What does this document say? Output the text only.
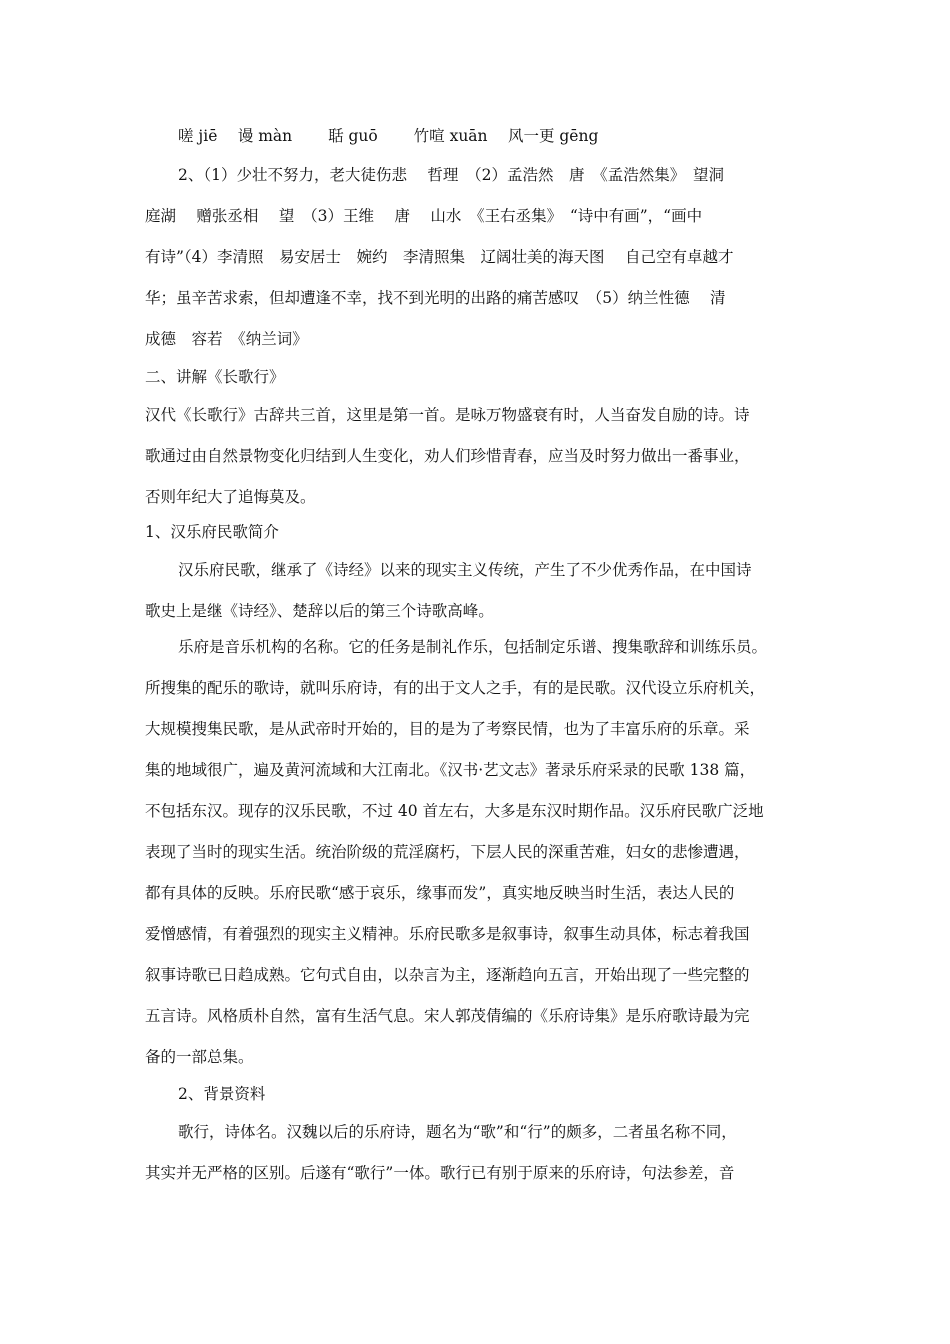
嗟 jiē　 谩 màn　　 聒 guō　　 竹喧 xuān　 风一更 gēng
2、（1）少壮不努力，老大徒伤悲　 哲理　（2）孟浩然　唐　《孟浩然集》　望洞
庭湖　 赠张丞相　 望　（3）王维　 唐　 山水　《王右丞集》　“诗中有画”，“画中
有诗”（4）李清照　易安居士　婉约　李清照集　辽阔壮美的海天图　 自己空有卓越才
华；虽辛苦求索，但却遭逢不幸，找不到光明的出路的痛苦感叹　（5）纳兰性德　 清
成德　容若　《纳兰词》
二、讲解《长歌行》
汉代《长歌行》古辞共三首，这里是第一首。是咏万物盛衰有时，人当奋发自励的诗。诗
歌通过由自然景物变化归结到人生变化，劝人们珍惜青春，应当及时努力做出一番事业，
否则年纪大了追悔莫及。
1、汉乐府民歌简介
汉乐府民歌，继承了《诗经》以来的现实主义传统，产生了不少优秀作品，在中国诗
歌史上是继《诗经》、楚辞以后的第三个诗歌高峰。
乐府是音乐机构的名称。它的任务是制礼作乐，包括制定乐谱、搜集歌辞和训练乐员。
所搜集的配乐的歌诗，就叫乐府诗，有的出于文人之手，有的是民歌。汉代设立乐府机关，
大规模搜集民歌，是从武帝时开始的，目的是为了考察民情，也为了丰富乐府的乐章。采
集的地域很广，遍及黄河流域和大江南北。《汉书·艺文志》著录乐府采录的民歌 138 篇，
不包括东汉。现存的汉乐民歌，不过 40 首左右，大多是东汉时期作品。汉乐府民歌广泛地
表现了当时的现实生活。统治阶级的荒淫腐朽，下层人民的深重苦难，妇女的悲惨遭遇，
都有具体的反映。乐府民歌“感于哀乐，缘事而发”，真实地反映当时生活，表达人民的
爱憎感情，有着强烈的现实主义精神。乐府民歌多是叙事诗，叙事生动具体，标志着我国
叙事诗歌已日趋成熟。它句式自由，以杂言为主，逐渐趋向五言，开始出现了一些完整的
五言诗。风格质朴自然，富有生活气息。宋人郭茂倩编的《乐府诗集》是乐府歌诗最为完
备的一部总集。
2、背景资料
歌行，诗体名。汉魏以后的乐府诗，题名为“歌”和“行”的颇多，二者虽名称不同，
其实并无严格的区别。后遂有“歌行”一体。歌行已有别于原来的乐府诗，句法参差，音
